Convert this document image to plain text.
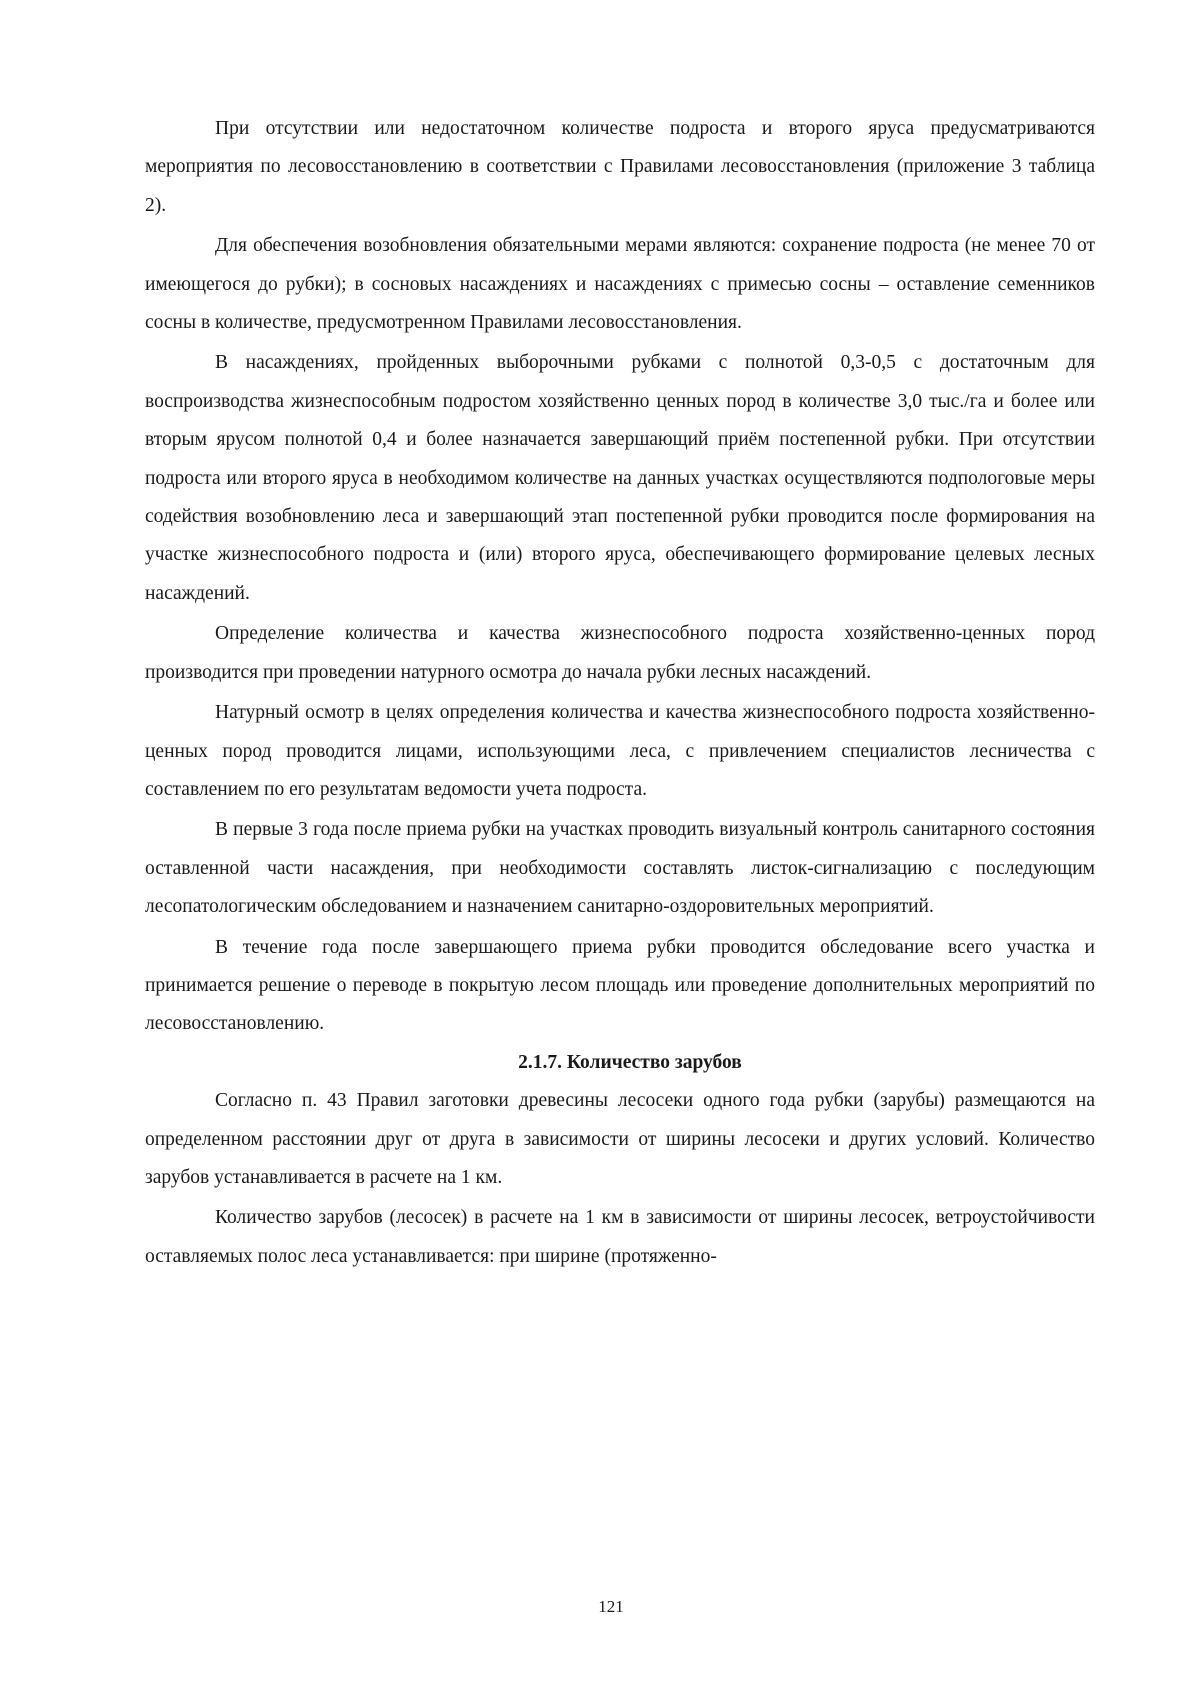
При отсутствии или недостаточном количестве подроста и второго яруса предусматриваются мероприятия по лесовосстановлению в соответствии с Правилами лесовосстановления (приложение 3 таблица 2).

Для обеспечения возобновления обязательными мерами являются: сохранение подроста (не менее 70 от имеющегося до рубки); в сосновых насаждениях и насаждениях с примесью сосны – оставление семенников сосны в количестве, предусмотренном Правилами лесовосстановления.

В насаждениях, пройденных выборочными рубками с полнотой 0,3-0,5 с достаточным для воспроизводства жизнеспособным подростом хозяйственно ценных пород в количестве 3,0 тыс./га и более или вторым ярусом полнотой 0,4 и более назначается завершающий приём постепенной рубки. При отсутствии подроста или второго яруса в необходимом количестве на данных участках осуществляются подпологовые меры содействия возобновлению леса и завершающий этап постепенной рубки проводится после формирования на участке жизнеспособного подроста и (или) второго яруса, обеспечивающего формирование целевых лесных насаждений.

Определение количества и качества жизнеспособного подроста хозяйственно-ценных пород производится при проведении натурного осмотра до начала рубки лесных насаждений.

Натурный осмотр в целях определения количества и качества жизнеспособного подроста хозяйственно-ценных пород проводится лицами, использующими леса, с привлечением специалистов лесничества с составлением по его результатам ведомости учета подроста.

В первые 3 года после приема рубки на участках проводить визуальный контроль санитарного состояния оставленной части насаждения, при необходимости составлять листок-сигнализацию с последующим лесопатологическим обследованием и назначением санитарно-оздоровительных мероприятий.

В течение года после завершающего приема рубки проводится обследование всего участка и принимается решение о переводе в покрытую лесом площадь или проведение дополнительных мероприятий по лесовосстановлению.

2.1.7. Количество зарубов

Согласно п. 43 Правил заготовки древесины лесосеки одного года рубки (зарубы) размещаются на определенном расстоянии друг от друга в зависимости от ширины лесосеки и других условий. Количество зарубов устанавливается в расчете на 1 км.

Количество зарубов (лесосек) в расчете на 1 км в зависимости от ширины лесосек, ветроустойчивости оставляемых полос леса устанавливается: при ширине (протяженно-

121
